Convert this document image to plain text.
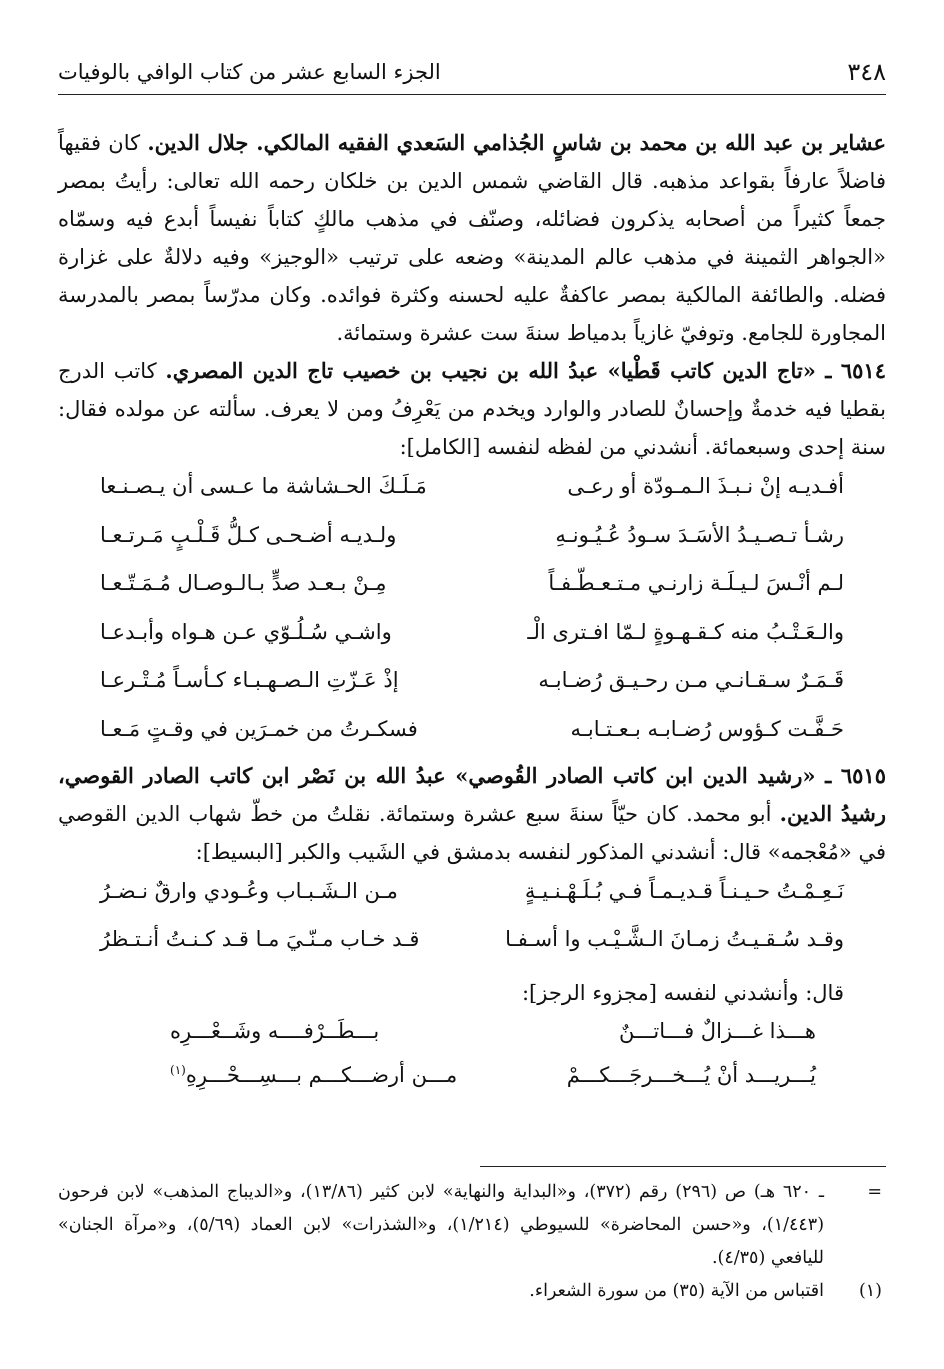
٣٤٨
الجزء السابع عشر من كتاب الوافي بالوفيات

عشاير بن عبد الله بن محمد بن شاسٍ الجُذامي السَعدي الفقيه المالكي. جلال الدين. كان فقيهاً فاضلاً عارفاً بقواعد مذهبه. قال القاضي شمس الدين بن خلكان رحمه الله تعالى: رأيتُ بمصر جمعاً كثيراً من أصحابه يذكرون فضائله، وصنّف في مذهب مالكٍ كتاباً نفيساً أبدع فيه وسمّاه «الجواهر الثمينة في مذهب عالم المدينة» وضعه على ترتيب «الوجيز» وفيه دلالةٌ على غزارة فضله. والطائفة المالكية بمصر عاكفةٌ عليه لحسنه وكثرة فوائده. وكان مدرّساً بمصر بالمدرسة المجاورة للجامع. وتوفيّ غازياً بدمياط سنةَ ست عشرة وستمائة.

٦٥١٤ ـ «تاج الدين كاتب قَطْيا» عبدُ الله بن نجيب بن خصيب تاج الدين المصري. كاتب الدرج بقطيا فيه خدمةٌ وإحسانٌ للصادر والوارد ويخدم من يَعْرِفُ ومن لا يعرف. سألته عن مولده فقال: سنة إحدى وسبعمائة. أنشدني من لفظه لنفسه [الكامل]:

أفـديـه إنْ نـبـذَ الـمـودّة أو رعـى
مَـلَـكَ الحـشاشة ما عـسى أن يـصـنـعا
رشـأ تـصـيـدُ الأسَـدَ سـودُ عُـيُـونـهِ
ولـديـه أضـحـى كـلُّ قَـلْـبٍ مَـرتـعـا
لـم أنْـسَ لـيـلَـة زارنـي مـتـعـطّـفـاً
مِـنْ بـعـد صدٍّ بـالـوصـال مُـمَـتّـعـا
والـعَـتْـبُ منه كـقـهـوةٍ لـمّا افـترى الْـ
واشـي سُـلُـوّي عـن هـواه وأبـدعـا
قَـمَـرٌ سـقـانـي مـن رحـيـق رُضـابـه
إذْ عَـزّتِ الـصـهـبـاء كـأسـاً مُـتْـرعـا
حَـفَّـت كـؤوس رُضـابـه بـعـتـابـه
فسكـرتُ من خمـرَين في وقـتٍ مَـعـا

٦٥١٥ ـ «رشيد الدين ابن كاتب الصادر القُوصي» عبدُ الله بن نَصْر ابن كاتب الصادر القوصي، رشيدُ الدين. أبو محمد. كان حيّاً سنةَ سبع عشرة وستمائة. نقلتُ من خطّ شهاب الدين القوصي في «مُعْجمه» قال: أنشدني المذكور لنفسه بدمشق في الشَيب والكبر [البسيط]:

نَـعِـمْـتُ حـيـنـاً قـديـمـاً فـي بُـلَـهْـنـيـةٍ
مـن الـشَـبـاب وعُـودي وارقٌ نـضـرُ
وقـد سُـقـيـتُ زمـانَ الـشَّـيْـب وا أسـفـا
قـد خـاب مـنّـيَ مـا قـد كـنـتُ أنـتـظرُ

قال: وأنشدني لنفسه [مجزوء الرجز]:

هـــذا غـــزالٌ فـــاتـــنٌ
بـــطَــرْفــــه وشَــعْـــرِه
يُـــريـــد أنْ يُـــخـــرجَـــكـــمْ
مـــن أرضـــكـــم بـــسِـــحْـــرِهِ$^{(١)}$
=
ـ ٦٢٠ هـ) ص (٢٩٦) رقم (٣٧٢)، و«البداية والنهاية» لابن كثير (١٣/٨٦)، و«الديباج المذهب» لابن فرحون (١/٤٤٣)، و«حسن المحاضرة» للسيوطي (١/٢١٤)، و«الشذرات» لابن العماد (٥/٦٩)، و«مرآة الجنان» لليافعي (٤/٣٥).
(١)
اقتباس من الآية (٣٥) من سورة الشعراء.
